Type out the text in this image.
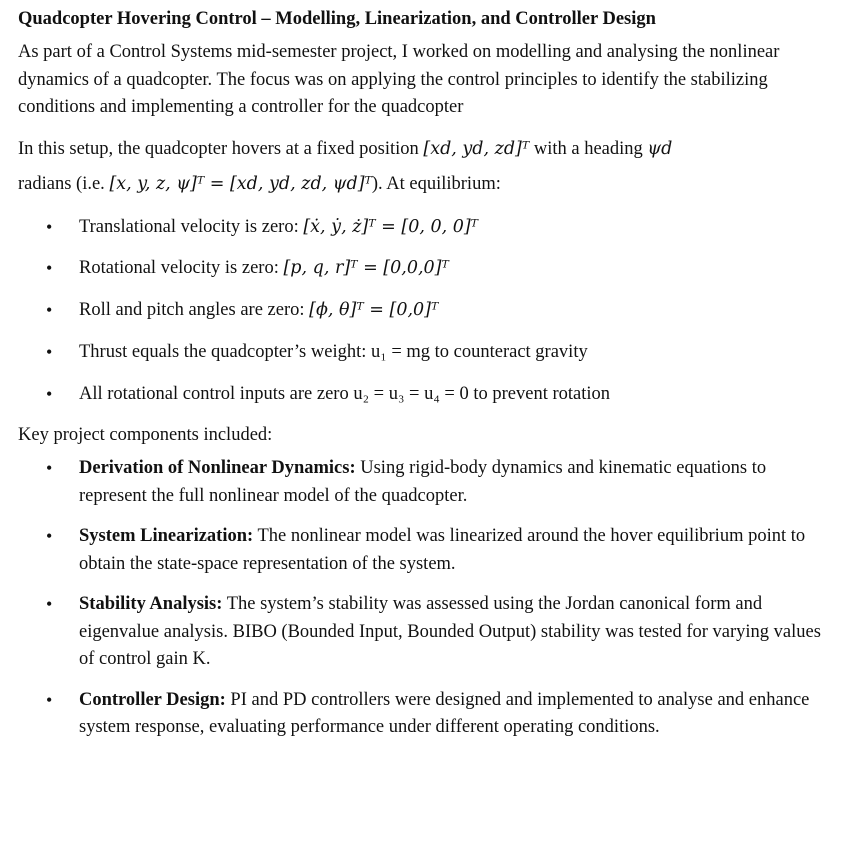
Quadcopter Hovering Control – Modelling, Linearization, and Controller Design

As part of a Control Systems mid-semester project, I worked on modelling and analysing the nonlinear dynamics of a quadcopter. The focus was on applying the control principles to identify the stabilizing conditions and implementing a controller for the quadcopter

In this setup, the quadcopter hovers at a fixed position [xd, yd, zd]ᵀ with a heading ψd
radians (i.e. [x, y, z, ψ]ᵀ = [xd, yd, zd, ψd]ᵀ). At equilibrium:
• Translational velocity is zero: [ẋ, ẏ, ż]ᵀ = [0, 0, 0]ᵀ
• Rotational velocity is zero: [p, q, r]ᵀ = [0,0,0]ᵀ
• Roll and pitch angles are zero: [ϕ, θ]ᵀ = [0,0]ᵀ
• Thrust equals the quadcopter’s weight: u₁ = mg to counteract gravity
• All rotational control inputs are zero u₂ = u₃ = u₄ = 0 to prevent rotation

Key project components included:

• Derivation of Nonlinear Dynamics: Using rigid-body dynamics and kinematic equations to represent the full nonlinear model of the quadcopter.
• System Linearization: The nonlinear model was linearized around the hover equilibrium point to obtain the state-space representation of the system.
• Stability Analysis: The system’s stability was assessed using the Jordan canonical form and eigenvalue analysis. BIBO (Bounded Input, Bounded Output) stability was tested for varying values of control gain K.
• Controller Design: PI and PD controllers were designed and implemented to analyse and enhance system response, evaluating performance under different operating conditions.
